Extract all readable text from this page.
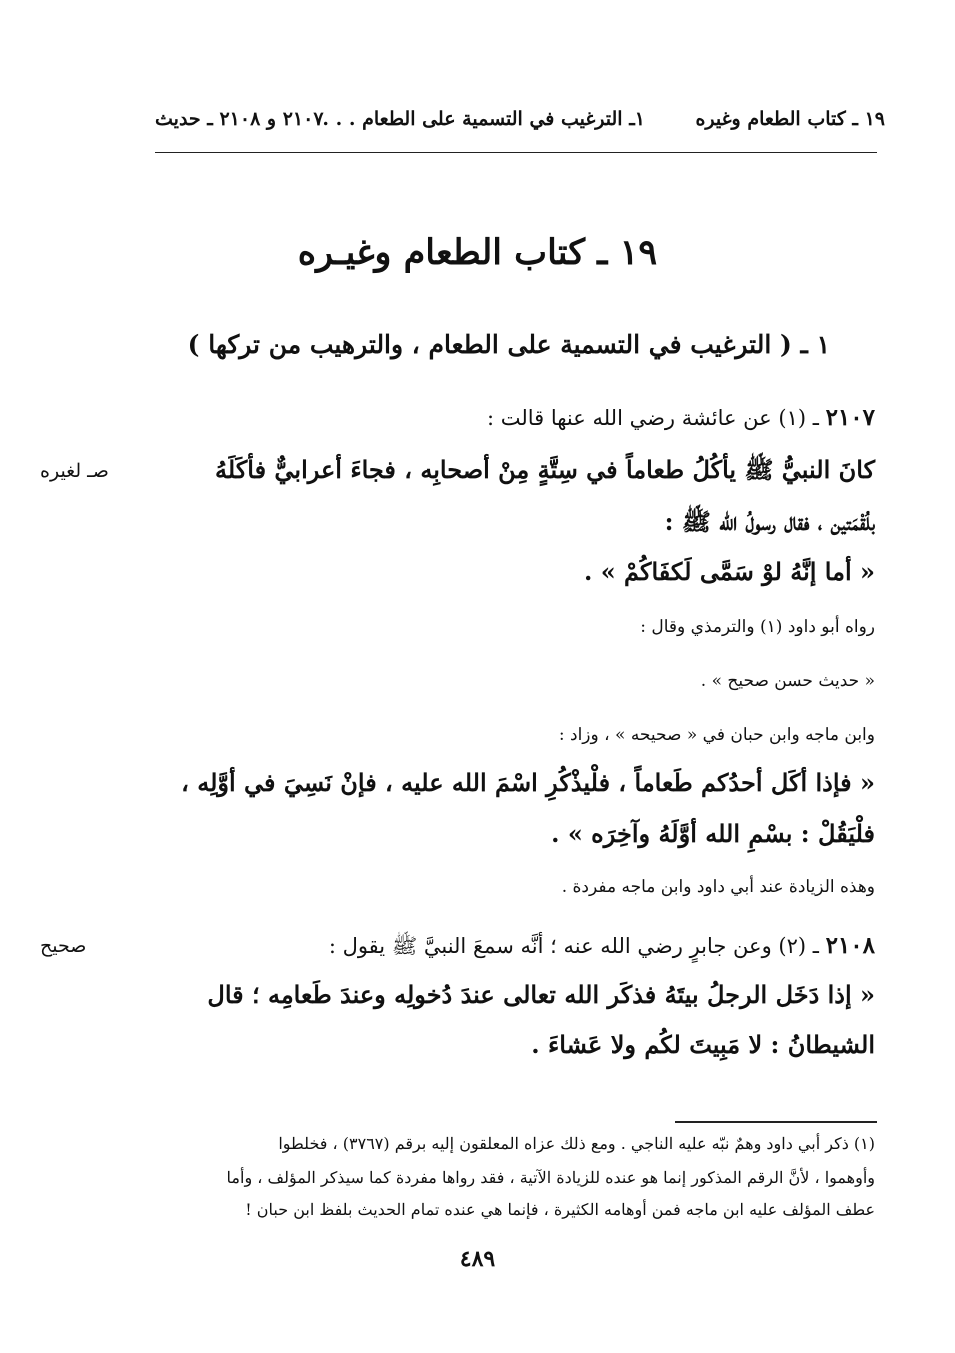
١٩ ـ كتاب الطعام وغيره
١ـ الترغيب في التسمية على الطعام . . .
٢١٠٧ و ٢١٠٨ ـ حديث
١٩ ـ كتاب الطعام وغيـره
١ ـ ( الترغيب في التسمية على الطعام ، والترهيب من تركها )
٢١٠٧ ـ (١) عن عائشة رضي الله عنها قالت :
كانَ النبيُّ ﷺ يأكُلُ طعاماً في سِتَّةٍ مِنْ أصحابِه ، فجاءَ أعرابيٌّ فأكَلَهُ
صـ لغيره
بلُقْمَتين ، فقال رسولُ الله ﷺ :
« أما إنَّهُ لوْ سَمَّى لَكفَاكُمْ » .
رواه أبو داود (١) والترمذي وقال :
« حديث حسن صحيح » .
وابن ماجه وابن حبان في « صحيحه » ، وزاد :
« فإذا أكَل أحدُكم طَعاماً ، فلْيذْكُرِ اسْمَ الله عليه ، فإنْ نَسِيَ في أوَّلِه ،
فلْيَقُلْ : بسْمِ الله أوَّلَهُ وآخِرَه » .
وهذه الزيادة عند أبي داود وابن ماجه مفردة .
٢١٠٨ ـ (٢) وعن جابرٍ رضي الله عنه ؛ أنَّه سمعَ النبيَّ ﷺ يقول :
صحيح
« إذا دَخَل الرجلُ بيتَهُ فذكَر الله تعالى عندَ دُخولِه وعندَ طَعامِه ؛ قال
الشيطانُ : لا مَبِيتَ لكُم ولا عَشاءَ .
(١) ذكر أبي داود وهمٌ نبّه عليه الناجي . ومع ذلك عزاه المعلقون إليه برقم (٣٧٦٧) ، فخلطوا
وأوهموا ، لأنَّ الرقم المذكور إنما هو عنده للزيادة الآتية ، فقد رواها مفردة كما سيذكر المؤلف ، وأما
عطف المؤلف عليه ابن ماجه فمن أوهامه الكثيرة ، فإنما هي عنده تمام الحديث بلفظ ابن حبان !
٤٨٩
